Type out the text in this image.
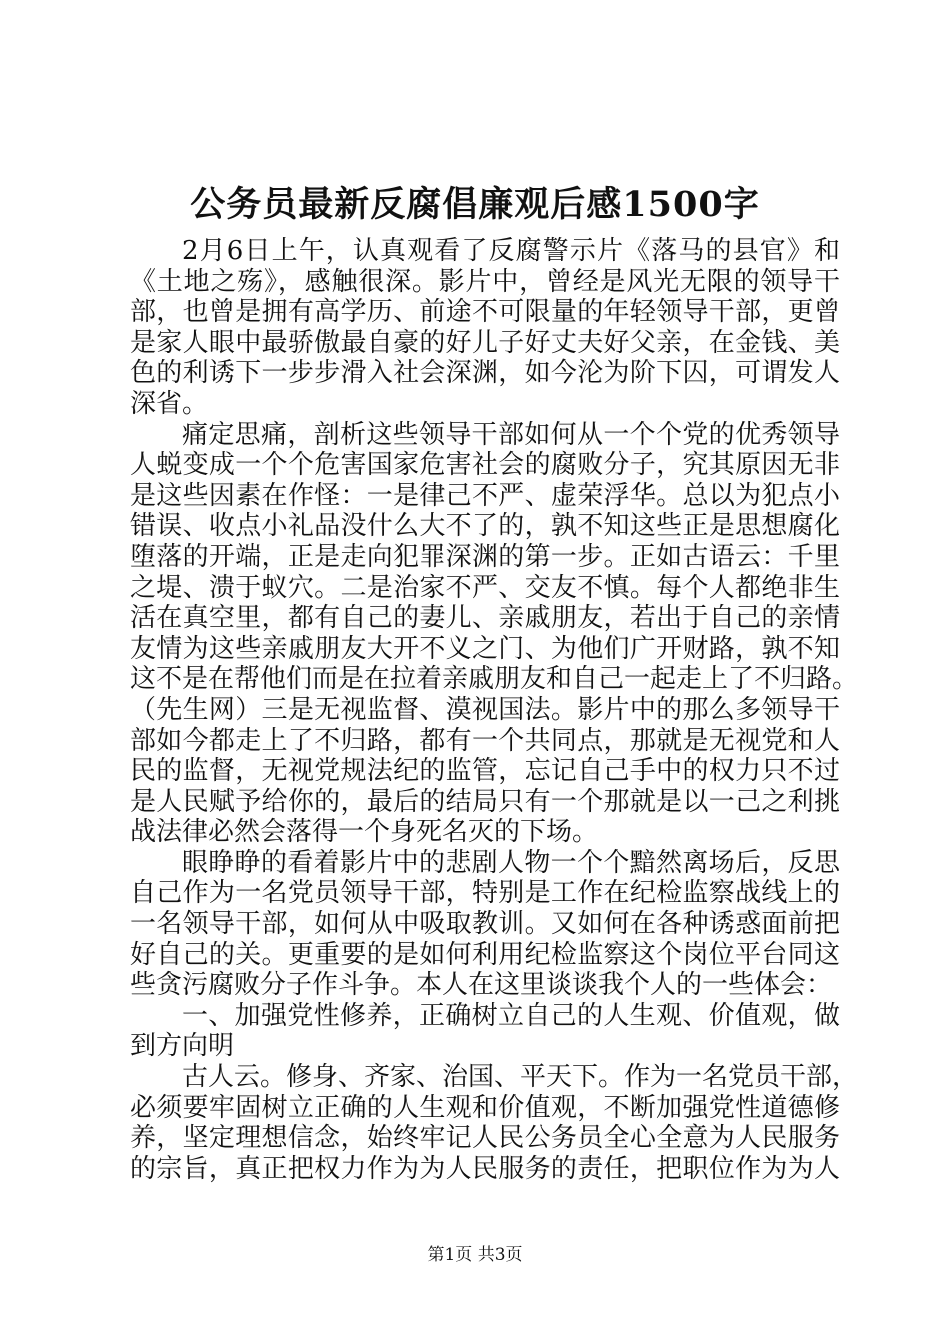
公务员最新反腐倡廉观后感1500字
2月6日上午，认真观看了反腐警示片《落马的县官》和
《土地之殇》，感触很深。影片中，曾经是风光无限的领导干
部，也曾是拥有高学历、前途不可限量的年轻领导干部，更曾
是家人眼中最骄傲最自豪的好儿子好丈夫好父亲，在金钱、美
色的利诱下一步步滑入社会深渊，如今沦为阶下囚，可谓发人
深省。
痛定思痛，剖析这些领导干部如何从一个个党的优秀领导
人蜕变成一个个危害国家危害社会的腐败分子，究其原因无非
是这些因素在作怪：一是律己不严、虚荣浮华。总以为犯点小
错误、收点小礼品没什么大不了的，孰不知这些正是思想腐化
堕落的开端，正是走向犯罪深渊的第一步。正如古语云：千里
之堤、溃于蚁穴。二是治家不严、交友不慎。每个人都绝非生
活在真空里，都有自己的妻儿、亲戚朋友，若出于自己的亲情
友情为这些亲戚朋友大开不义之门、为他们广开财路，孰不知
这不是在帮他们而是在拉着亲戚朋友和自己一起走上了不归路。
（先生网）三是无视监督、漠视国法。影片中的那么多领导干
部如今都走上了不归路，都有一个共同点，那就是无视党和人
民的监督，无视党规法纪的监管，忘记自己手中的权力只不过
是人民赋予给你的，最后的结局只有一个那就是以一己之利挑
战法律必然会落得一个身死名灭的下场。
眼睁睁的看着影片中的悲剧人物一个个黯然离场后，反思
自己作为一名党员领导干部，特别是工作在纪检监察战线上的
一名领导干部，如何从中吸取教训。又如何在各种诱惑面前把
好自己的关。更重要的是如何利用纪检监察这个岗位平台同这
些贪污腐败分子作斗争。本人在这里谈谈我个人的一些体会：
一、加强党性修养，正确树立自己的人生观、价值观，做
到方向明
古人云。修身、齐家、治国、平天下。作为一名党员干部，
必须要牢固树立正确的人生观和价值观，不断加强党性道德修
养，坚定理想信念，始终牢记人民公务员全心全意为人民服务
的宗旨，真正把权力作为为人民服务的责任，把职位作为为人
第1页 共3页
